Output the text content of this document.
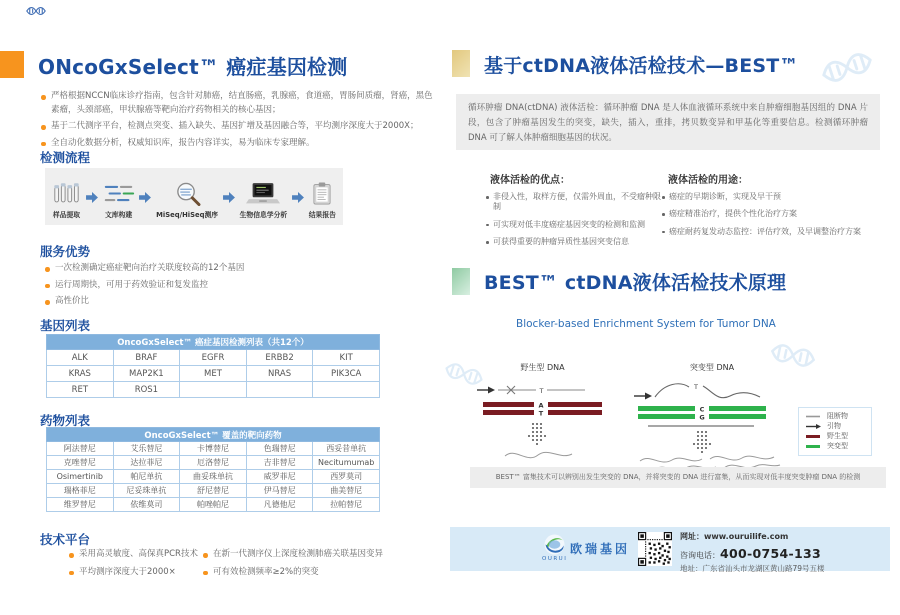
ONcoGxSelect™ 癌症基因检测
严格根据NCCN临床诊疗指南，包含针对肺癌，结直肠癌，乳腺癌，食道癌，胃肠间质瘤，肾癌，黑色素瘤，头颈部癌，甲状腺癌等靶向治疗药物相关的核心基因；
基于二代测序平台，检测点突变、插入缺失、基因扩增及基因融合等，平均测序深度大于2000X；
全自动化数据分析，权威知识库，报告内容详实，易为临床专家理解。
检测流程
样品提取	文库构建	MiSeq/HiSeq测序	生物信息学分析	结果报告
服务优势
一次检测确定癌症靶向治疗关联度较高的12个基因
运行周期快，可用于药效验证和复发监控
高性价比
基因列表
OncoGxSelect™ 癌症基因检测列表（共12个）				
ALK	BRAF	EGFR	ERBB2	KIT
KRAS	MAP2K1	MET	NRAS	PIK3CA
RET	ROS1			
药物列表
OncoGxSelect™ 覆盖的靶向药物				
阿法替尼	艾乐替尼	卡博替尼	色瑞替尼	西妥昔单抗
克唑替尼	达拉菲尼	厄洛替尼	吉非替尼	Necitumumab
Osimertinib	帕尼单抗	曲妥珠单抗	威罗菲尼	西罗莫司
瑞格菲尼	尼妥珠单抗	舒尼替尼	伊马替尼	曲美替尼
维罗替尼	依维莫司	帕唑帕尼	凡德他尼	拉帕替尼
技术平台
采用高灵敏度、高保真PCR技术
平均测序深度大于2000×
在新一代测序仪上深度检测肺癌关联基因变异
可有效检测频率≥2%的突变
基于ctDNA液体活检技术—BEST™
循环肿瘤 DNA(ctDNA) 液体活检：循环肿瘤 DNA 是人体血液循环系统中来自肿瘤细胞基因组的 DNA 片段，包含了肿瘤基因发生的突变，缺失，插入，重排，拷贝数变异和甲基化等重要信息。检测循环肿瘤 DNA 可了解人体肿瘤细胞基因的状况。
液体活检的优点：
非侵入性，取样方便，仅需外周血，不受瘤种限制
可实现对低丰度癌症基因突变的检测和监测
可获得重要的肿瘤异质性基因突变信息
液体活检的用途：
癌症的早期诊断，实现及早干预
癌症精准治疗，提供个性化治疗方案
癌症耐药复发动态监控：评估疗效，及早调整治疗方案
BEST™ ctDNA液体活检技术原理
Blocker-based Enrichment System for Tumor DNA
野生型 DNA
T
A
T
突变型 DNA
T
C
G	阻断物
引物
野生型
突变型
BEST™ 富集技术可以辨别出发生突变的 DNA，并将突变的 DNA 进行富集，从而实现对低丰度突变肿瘤 DNA 的检测
OURUI
欧瑞基因
网址：www.ouruilife.com
咨询电话：400-0754-133
地址：广东省汕头市龙湖区黄山路79号五楼
